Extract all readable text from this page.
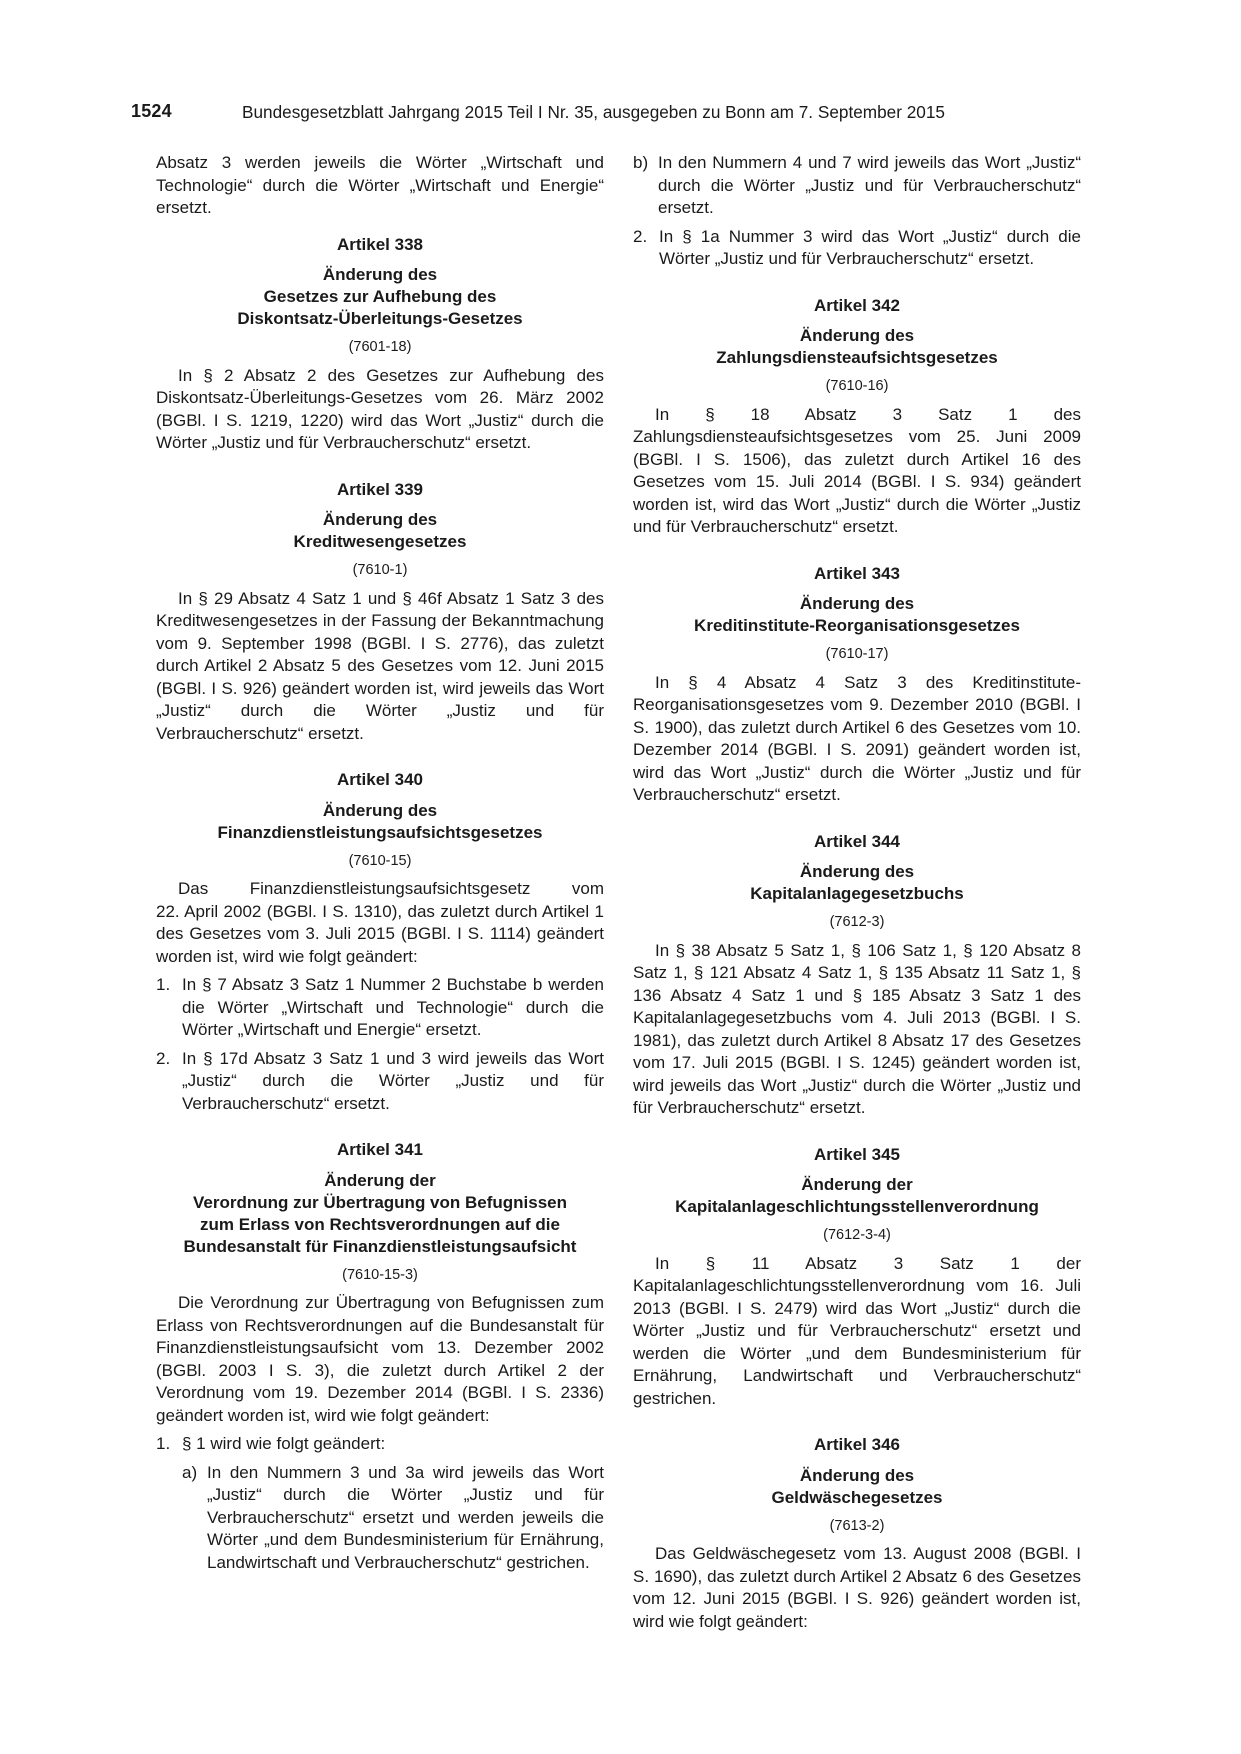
1524	Bundesgesetzblatt Jahrgang 2015 Teil I Nr. 35, ausgegeben zu Bonn am 7. September 2015

Absatz 3 werden jeweils die Wörter „Wirtschaft und Technologie“ durch die Wörter „Wirtschaft und Energie“ ersetzt.

Artikel 338

Änderung des
Gesetzes zur Aufhebung des
Diskontsatz-Überleitungs-Gesetzes
(7601-18)

In § 2 Absatz 2 des Gesetzes zur Aufhebung des Diskontsatz-Überleitungs-Gesetzes vom 26. März 2002 (BGBl. I S. 1219, 1220) wird das Wort „Justiz“ durch die Wörter „Justiz und für Verbraucherschutz“ ersetzt.

Artikel 339

Änderung des
Kreditwesengesetzes
(7610-1)

In § 29 Absatz 4 Satz 1 und § 46f Absatz 1 Satz 3 des Kreditwesengesetzes in der Fassung der Bekanntmachung vom 9. September 1998 (BGBl. I S. 2776), das zuletzt durch Artikel 2 Absatz 5 des Gesetzes vom 12. Juni 2015 (BGBl. I S. 926) geändert worden ist, wird jeweils das Wort „Justiz“ durch die Wörter „Justiz und für Verbraucherschutz“ ersetzt.

Artikel 340

Änderung des
Finanzdienstleistungsaufsichtsgesetzes
(7610-15)

Das Finanzdienstleistungsaufsichtsgesetz vom

22. April 2002 (BGBl. I S. 1310), das zuletzt durch Artikel 1 des Gesetzes vom 3. Juli 2015 (BGBl. I S. 1114) geändert worden ist, wird wie folgt geändert:

1. In § 7 Absatz 3 Satz 1 Nummer 2 Buchstabe b werden die Wörter „Wirtschaft und Technologie“ durch die Wörter „Wirtschaft und Energie“ ersetzt.
2. In § 17d Absatz 3 Satz 1 und 3 wird jeweils das Wort „Justiz“ durch die Wörter „Justiz und für Verbraucherschutz“ ersetzt.

Artikel 341

Änderung der
Verordnung zur Übertragung von Befugnissen
zum Erlass von Rechtsverordnungen auf die
Bundesanstalt für Finanzdienstleistungsaufsicht
(7610-15-3)

Die Verordnung zur Übertragung von Befugnissen zum Erlass von Rechtsverordnungen auf die Bundesanstalt für Finanzdienstleistungsaufsicht vom 13. Dezember 2002 (BGBl. 2003 I S. 3), die zuletzt durch Artikel 2 der Verordnung vom 19. Dezember 2014 (BGBl. I S. 2336) geändert worden ist, wird wie folgt geändert:

1. § 1 wird wie folgt geändert:
a) In den Nummern 3 und 3a wird jeweils das Wort „Justiz“ durch die Wörter „Justiz und für Verbraucherschutz“ ersetzt und werden jeweils die Wörter „und dem Bundesministerium für Ernährung, Landwirtschaft und Verbraucherschutz“ gestrichen.
b) In den Nummern 4 und 7 wird jeweils das Wort „Justiz“ durch die Wörter „Justiz und für Verbraucherschutz“ ersetzt.
2. In § 1a Nummer 3 wird das Wort „Justiz“ durch die Wörter „Justiz und für Verbraucherschutz“ ersetzt.

Artikel 342

Änderung des
Zahlungsdiensteaufsichtsgesetzes
(7610-16)

In § 18 Absatz 3 Satz 1 des Zahlungsdiensteaufsichtsgesetzes vom 25. Juni 2009 (BGBl. I S. 1506), das zuletzt durch Artikel 16 des Gesetzes vom 15. Juli 2014 (BGBl. I S. 934) geändert worden ist, wird das Wort „Justiz“ durch die Wörter „Justiz und für Verbraucherschutz“ ersetzt.

Artikel 343

Änderung des
Kreditinstitute-Reorganisationsgesetzes
(7610-17)

In § 4 Absatz 4 Satz 3 des Kreditinstitute-Reorganisationsgesetzes vom 9. Dezember 2010 (BGBl. I S. 1900), das zuletzt durch Artikel 6 des Gesetzes vom 10. Dezember 2014 (BGBl. I S. 2091) geändert worden ist, wird das Wort „Justiz“ durch die Wörter „Justiz und für Verbraucherschutz“ ersetzt.

Artikel 344

Änderung des
Kapitalanlagegesetzbuchs
(7612-3)

In § 38 Absatz 5 Satz 1, § 106 Satz 1, § 120 Absatz 8 Satz 1, § 121 Absatz 4 Satz 1, § 135 Absatz 11 Satz 1, § 136 Absatz 4 Satz 1 und § 185 Absatz 3 Satz 1 des Kapitalanlagegesetzbuchs vom 4. Juli 2013 (BGBl. I S. 1981), das zuletzt durch Artikel 8 Absatz 17 des Gesetzes vom 17. Juli 2015 (BGBl. I S. 1245) geändert worden ist, wird jeweils das Wort „Justiz“ durch die Wörter „Justiz und für Verbraucherschutz“ ersetzt.

Artikel 345

Änderung der
Kapitalanlageschlichtungsstellenverordnung
(7612-3-4)

In § 11 Absatz 3 Satz 1 der Kapitalanlageschlichtungsstellenverordnung vom 16. Juli 2013 (BGBl. I S. 2479) wird das Wort „Justiz“ durch die Wörter „Justiz und für Verbraucherschutz“ ersetzt und werden die Wörter „und dem Bundesministerium für Ernährung, Landwirtschaft und Verbraucherschutz“ gestrichen.

Artikel 346

Änderung des
Geldwäschegesetzes
(7613-2)

Das Geldwäschegesetz vom 13. August 2008 (BGBl. I S. 1690), das zuletzt durch Artikel 2 Absatz 6 des Gesetzes vom 12. Juni 2015 (BGBl. I S. 926) geändert worden ist, wird wie folgt geändert:
